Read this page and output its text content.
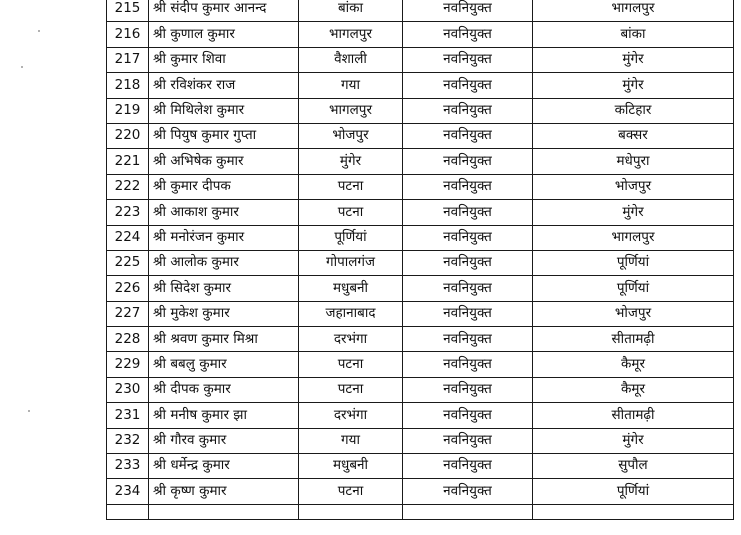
215	श्री संदीप कुमार आनन्द	बांका	नवनियुक्त	भागलपुर
216	श्री कुणाल कुमार	भागलपुर	नवनियुक्त	बांका
217	श्री कुमार शिवा	वैशाली	नवनियुक्त	मुंगेर
218	श्री रविशंकर राज	गया	नवनियुक्त	मुंगेर
219	श्री मिथिलेश कुमार	भागलपुर	नवनियुक्त	कटिहार
220	श्री पियुष कुमार गुप्ता	भोजपुर	नवनियुक्त	बक्सर
221	श्री अभिषेक कुमार	मुंगेर	नवनियुक्त	मधेपुरा
222	श्री कुमार दीपक	पटना	नवनियुक्त	भोजपुर
223	श्री आकाश कुमार	पटना	नवनियुक्त	मुंगेर
224	श्री मनोरंजन कुमार	पूर्णियां	नवनियुक्त	भागलपुर
225	श्री आलोक कुमार	गोपालगंज	नवनियुक्त	पूर्णियां
226	श्री सिदेश कुमार	मधुबनी	नवनियुक्त	पूर्णियां
227	श्री मुकेश कुमार	जहानाबाद	नवनियुक्त	भोजपुर
228	श्री श्रवण कुमार मिश्रा	दरभंगा	नवनियुक्त	सीतामढ़ी
229	श्री बबलु कुमार	पटना	नवनियुक्त	कैमूर
230	श्री दीपक कुमार	पटना	नवनियुक्त	कैमूर
231	श्री मनीष कुमार झा	दरभंगा	नवनियुक्त	सीतामढ़ी
232	श्री गौरव कुमार	गया	नवनियुक्त	मुंगेर
233	श्री धर्मेन्द्र कुमार	मधुबनी	नवनियुक्त	सुपौल
234	श्री कृष्ण कुमार	पटना	नवनियुक्त	पूर्णियां
